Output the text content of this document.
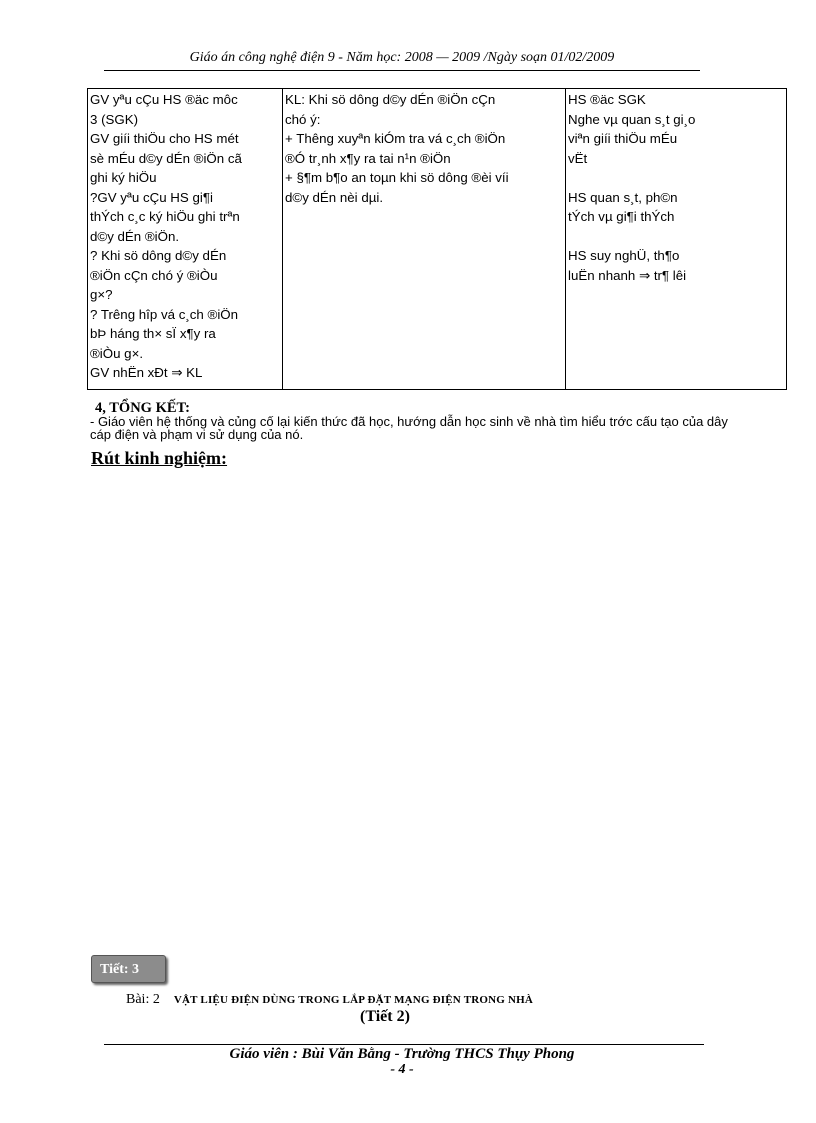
Giáo án công nghệ điện 9 - Năm học: 2008 — 2009 /Ngày soạn 01/02/2009
GV yªu cÇu HS ®äc môc
3 (SGK)
GV giíi thiÖu cho HS mét
sè mÉu d©y dÉn ®iÖn cã
ghi ký hiÖu
?GV yªu cÇu HS gi¶i
thÝch c¸c ký hiÖu ghi trªn
d©y dÉn ®iÖn.
? Khi sö dông d©y dÉn
®iÖn cÇn chó ý ®iÒu
g×?
? Trêng hîp vá c¸ch ®iÖn
bÞ háng th× sÏ x¶y ra
®iÒu g×.
GV nhËn xÐt ⇒ KL

KL: Khi sö dông d©y dÉn ®iÖn cÇn
chó ý:
+ Thêng xuyªn kiÓm tra vá c¸ch ®iÖn
®Ó tr¸nh x¶y ra tai n¹n ®iÖn
+ §¶m b¶o an toµn khi sö dông ®èi víi
d©y dÉn nèi dµi.

HS ®äc SGK
Nghe vµ quan s¸t gi¸o
viªn giíi thiÖu mÉu
vËt
HS quan s¸t, ph©n
tÝch vµ gi¶i thÝch
HS suy nghÜ, th¶o
luËn nhanh ⇒ tr¶ lêi
4, TỔNG KẾT:
- Giáo viên hệ thống và củng cố lại kiến thức đã học, hướng dẫn học sinh về nhà tìm hiểu trớc cấu tạo của dây cáp điện và phạm vi sử dụng của nó.
Rút kinh nghiệm:
Tiết: 3
Bài: 2 VẬT LIỆU ĐIỆN DÙNG TRONG LẮP ĐẶT MẠNG ĐIỆN TRONG NHÀ
(Tiết 2)
Giáo viên : Bùi Văn Bằng - Trường THCS Thụy Phong
- 4 -
